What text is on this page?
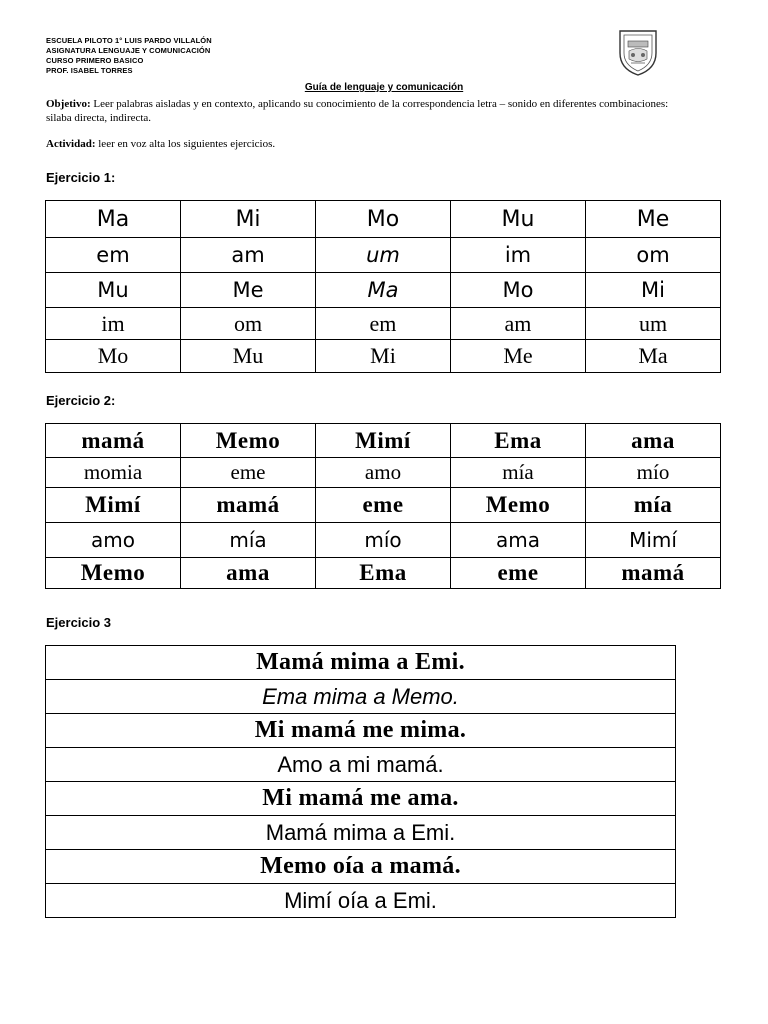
ESCUELA PILOTO 1° LUIS PARDO VILLALÓN
ASIGNATURA LENGUAJE Y COMUNICACIÓN
CURSO PRIMERO BASICO
PROF. ISABEL TORRES
Guía de lenguaje y comunicación
Objetivo: Leer palabras aisladas y en contexto, aplicando su conocimiento de la correspondencia letra – sonido en diferentes combinaciones: silaba directa, indirecta.
Actividad: leer en voz alta los siguientes ejercicios.
Ejercicio 1:
Ma	Mi	Mo	Mu	Me
em	am	um	im	om
Mu	Me	Ma	Mo	Mi
im	om	em	am	um
Mo	Mu	Mi	Me	Ma
Ejercicio 2:
mamá	Memo	Mimí	Ema	ama
momia	eme	amo	mía	mío
Mimí	mamá	eme	Memo	mía
amo	mía	mío	ama	Mimí
Memo	ama	Ema	eme	mamá
Ejercicio 3
Mamá mima a Emi.
Ema mima a Memo.
Mi mamá me mima.
Amo a mi mamá.
Mi mamá me ama.
Mamá mima a Emi.
Memo oía a mamá.
Mimí oía a Emi.
